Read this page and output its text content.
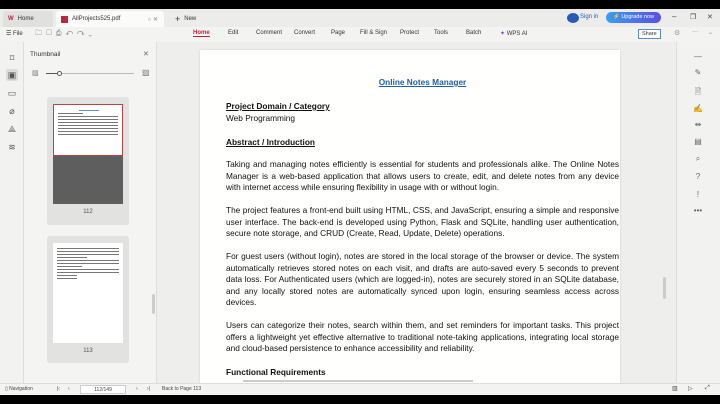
W Home	AllProjects525.pdf	○ ✕ + New	Sign in	⚡ Upgrade now	– ❐ ✕
☰ File 🗀▢⎙↶↷⌄	Home	Edit	Comment Convert	Page Fill & Sign Protect Tools	Batch	✦ WPS AI	Share	⚙ ··· ⌄
⌑
▣
▭
⌀
⟁
≋
Thumbnail	✕
▨	▨
112
113
Online Notes Manager
Project Domain / Category
Web Programming
Abstract / Introduction
Taking and managing notes efficiently is essential for students and professionals alike. The Online Notes Manager is a web-based application that allows users to create, edit, and delete notes from any device with internet access while ensuring flexibility in usage with or without login.
The project features a front-end built using HTML, CSS, and JavaScript, ensuring a simple and responsive user interface. The back-end is developed using Python, Flask and SQLite, handling user authentication, secure note storage, and CRUD (Create, Read, Update, Delete) operations.
For guest users (without login), notes are stored in the local storage of the browser or device. The system automatically retrieves stored notes on each visit, and drafts are auto-saved every 5 seconds to prevent data loss. For Authenticated users (which are logged-in), notes are securely stored in an SQLite database, and any locally stored notes are automatically synced upon login, ensuring seamless access across devices.
Users can categorize their notes, search within them, and set reminders for important tasks. This project offers a lightweight yet effective alternative to traditional note-taking applications, integrating local storage and cloud-based persistence to enhance accessibility and reliability.
Functional Requirements
—
✎
🗎
✍
⇹
▤
⌕
?
!
•••
▯ Navigation	|‹ ‹	112/149	› ›| Back to Page 113	▥ ▷ ⤢
